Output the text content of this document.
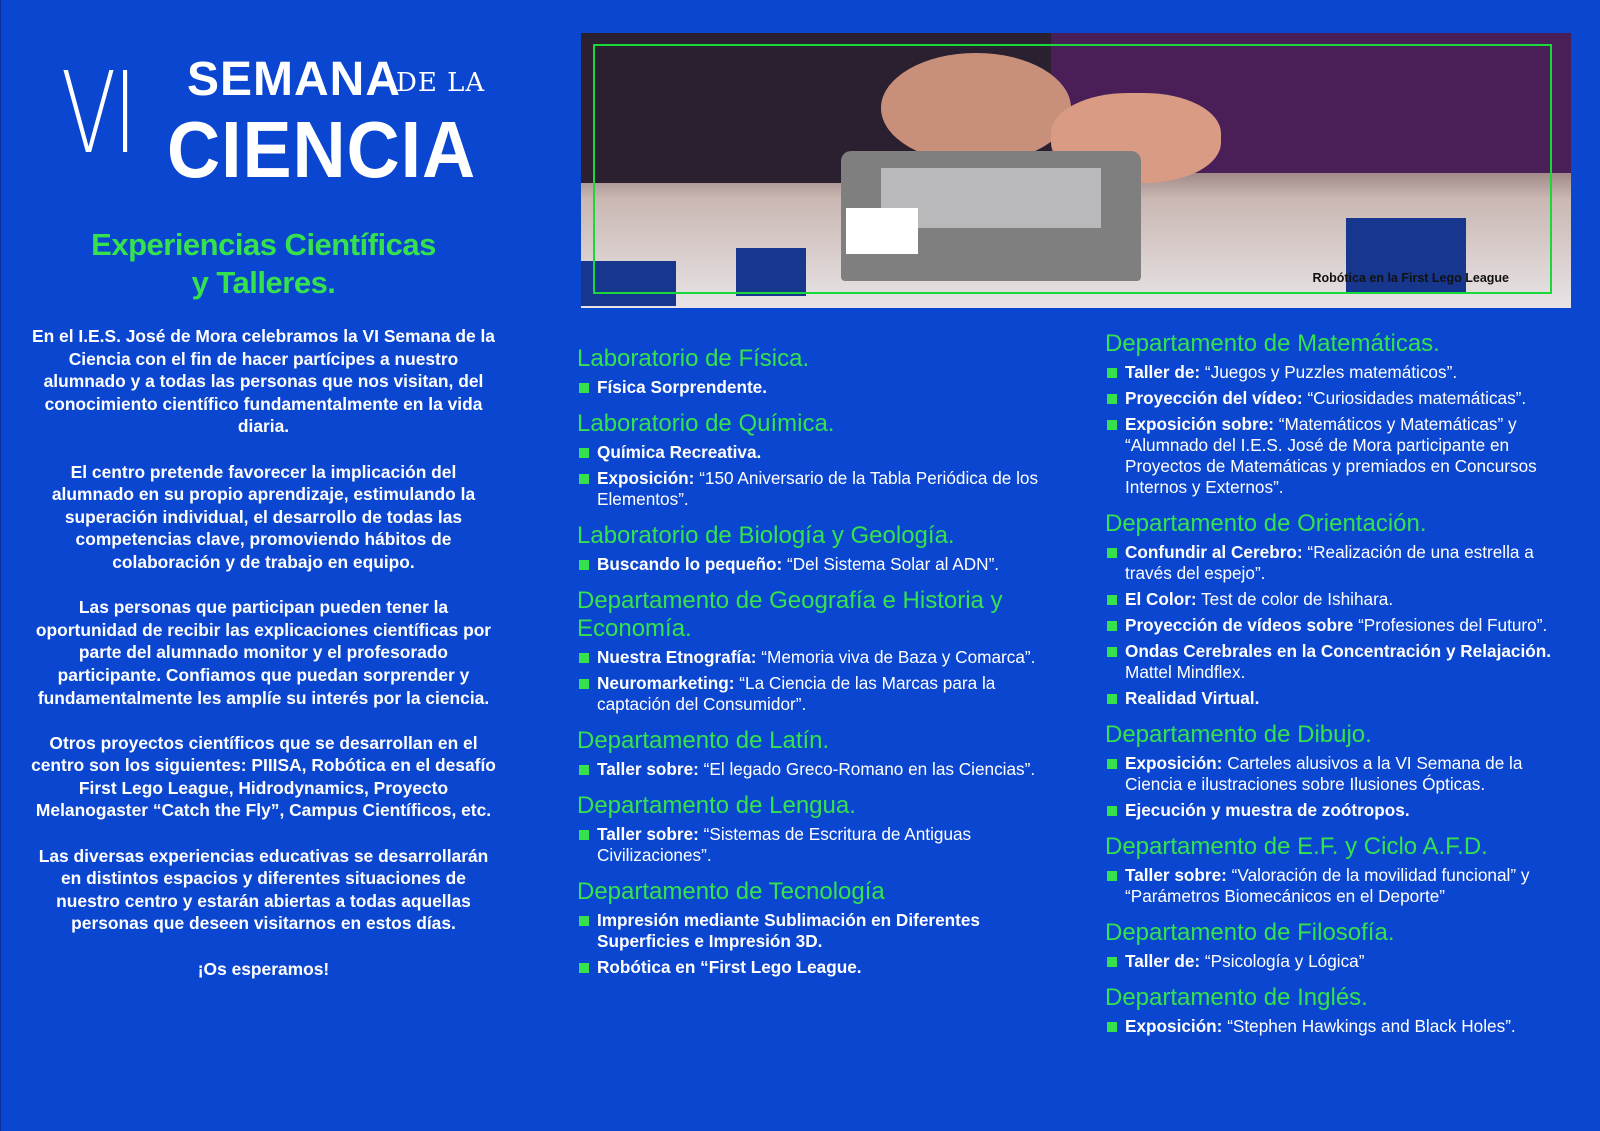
VI SEMANA
DE LA
CIENCIA
Experiencias Científicas
y Talleres.

En el I.E.S. José de Mora celebramos la VI Semana de la Ciencia con el fin de hacer partícipes a nuestro alumnado y a todas las personas que nos visitan, del conocimiento científico fundamentalmente en la vida diaria.

El centro pretende favorecer la implicación del alumnado en su propio aprendizaje, estimulando la superación individual, el desarrollo de todas las competencias clave, promoviendo hábitos de colaboración y de trabajo en equipo.

Las personas que participan pueden tener la oportunidad de recibir las explicaciones científicas por parte del alumnado monitor y el profesorado participante. Confiamos que puedan sorprender y fundamentalmente les amplíe su interés por la ciencia.

Otros proyectos científicos que se desarrollan en el centro son los siguientes: PIIISA, Robótica en el desafío First Lego League, Hidrodynamics, Proyecto Melanogaster “Catch the Fly”, Campus Científicos, etc.

Las diversas experiencias educativas se desarrollarán en distintos espacios y diferentes situaciones de nuestro centro y estarán abiertas a todas aquellas personas que deseen visitarnos en estos días.

¡Os esperamos!

Robótica en la First Lego League
Laboratorio de Física.
Física Sorprendente.
Laboratorio de Química.
Química Recreativa.
Exposición: “150 Aniversario de la Tabla Periódica de los Elementos”.
Laboratorio de Biología y Geología.
Buscando lo pequeño: “Del Sistema Solar al ADN”.
Departamento de Geografía e Historia y Economía.
Nuestra Etnografía: “Memoria viva de Baza y Comarca”.
Neuromarketing: “La Ciencia de las Marcas para la captación del Consumidor”.
Departamento de Latín.
Taller sobre: “El legado Greco-Romano en las Ciencias”.
Departamento de Lengua.
Taller sobre: “Sistemas de Escritura de Antiguas Civilizaciones”.
Departamento de Tecnología
Impresión mediante Sublimación en Diferentes Superficies e Impresión 3D.
Robótica en “First Lego League.
Departamento de Matemáticas.
Taller de: “Juegos y Puzzles matemáticos”.
Proyección del vídeo: “Curiosidades matemáticas”.
Exposición sobre: “Matemáticos y Matemáticas” y “Alumnado del I.E.S. José de Mora participante en Proyectos de Matemáticas y premiados en Concursos Internos y Externos”.
Departamento de Orientación.
Confundir al Cerebro: “Realización de una estrella a través del espejo”.
El Color: Test de color de Ishihara.
Proyección de vídeos sobre “Profesiones del Futuro”.
Ondas Cerebrales en la Concentración y Relajación. Mattel Mindflex.
Realidad Virtual.
Departamento de Dibujo.
Exposición: Carteles alusivos a la VI Semana de la Ciencia e ilustraciones sobre Ilusiones Ópticas.
Ejecución y muestra de zoótropos.
Departamento de E.F. y Ciclo A.F.D.
Taller sobre: “Valoración de la movilidad funcional” y “Parámetros Biomecánicos en el Deporte”
Departamento de Filosofía.
Taller de: “Psicología y Lógica”
Departamento de Inglés.
Exposición: “Stephen Hawkings and Black Holes”.
